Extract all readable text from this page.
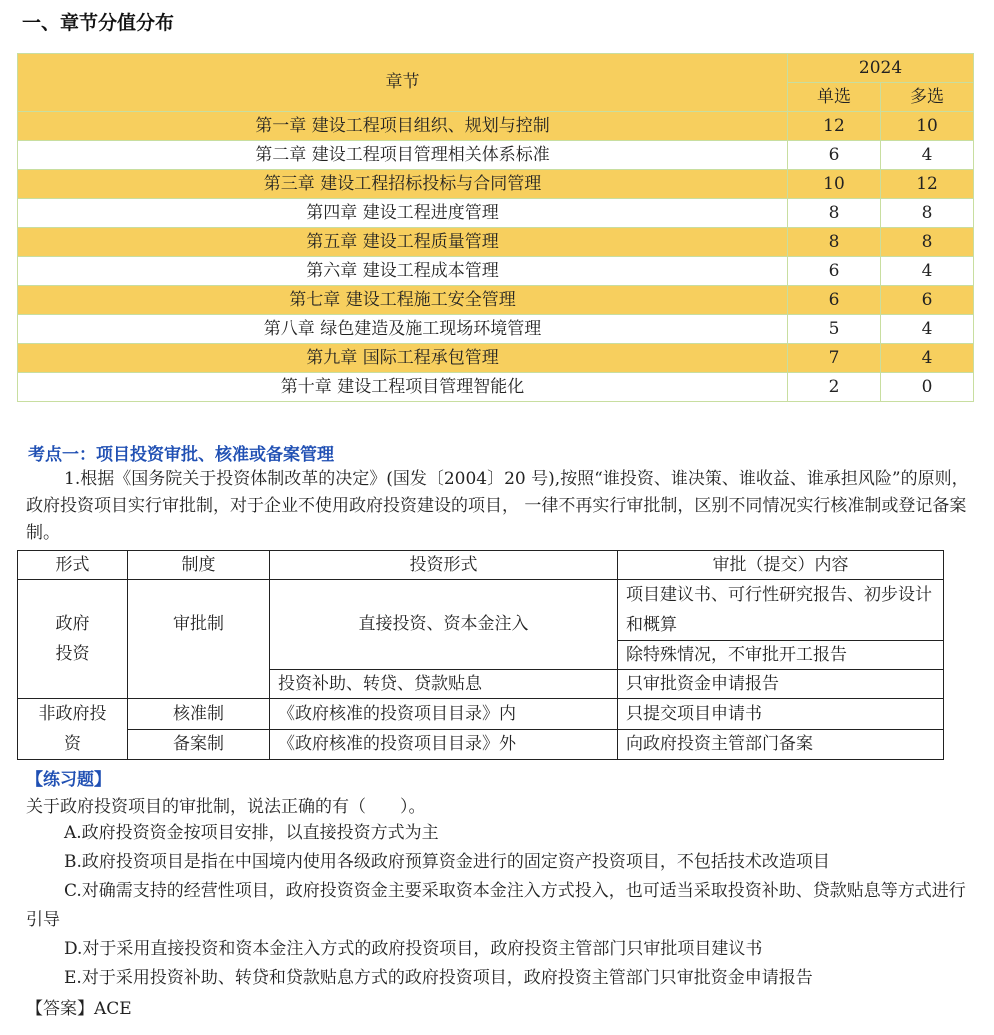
一、章节分值分布
章节	2024	
	单选	多选
第一章 建设工程项目组织、规划与控制	12	10
第二章 建设工程项目管理相关体系标准	6	4
第三章 建设工程招标投标与合同管理	10	12
第四章 建设工程进度管理	8	8
第五章 建设工程质量管理	8	8
第六章 建设工程成本管理	6	4
第七章 建设工程施工安全管理	6	6
第八章 绿色建造及施工现场环境管理	5	4
第九章 国际工程承包管理	7	4
第十章 建设工程项目管理智能化	2	0
考点一：项目投资审批、核准或备案管理
1.根据《国务院关于投资体制改革的决定》(国发〔2004〕20 号),按照“谁投资、谁决策、谁收益、谁承担风险”的原则，政府投资项目实行审批制，对于企业不使用政府投资建设的项目， 一律不再实行审批制，区别不同情况实行核准制或登记备案制。
形式	制度	投资形式	审批（提交）内容
政府
投资	审批制	直接投资、资本金注入	项目建议书、可行性研究报告、初步设计和概算

			除特殊情况，不审批开工报告
		投资补助、转贷、贷款贴息	只审批资金申请报告
非政府投
资	核准制	《政府核准的投资项目目录》内	只提交项目申请书
	备案制	《政府核准的投资项目目录》外	向政府投资主管部门备案
【练习题】
关于政府投资项目的审批制，说法正确的有（　　）。
A.政府投资资金按项目安排，以直接投资方式为主
B.政府投资项目是指在中国境内使用各级政府预算资金进行的固定资产投资项目，不包括技术改造项目
C.对确需支持的经营性项目，政府投资资金主要采取资本金注入方式投入，也可适当采取投资补助、贷款贴息等方式进行引导
D.对于采用直接投资和资本金注入方式的政府投资项目，政府投资主管部门只审批项目建议书
E.对于采用投资补助、转贷和贷款贴息方式的政府投资项目，政府投资主管部门只审批资金申请报告
【答案】ACE
